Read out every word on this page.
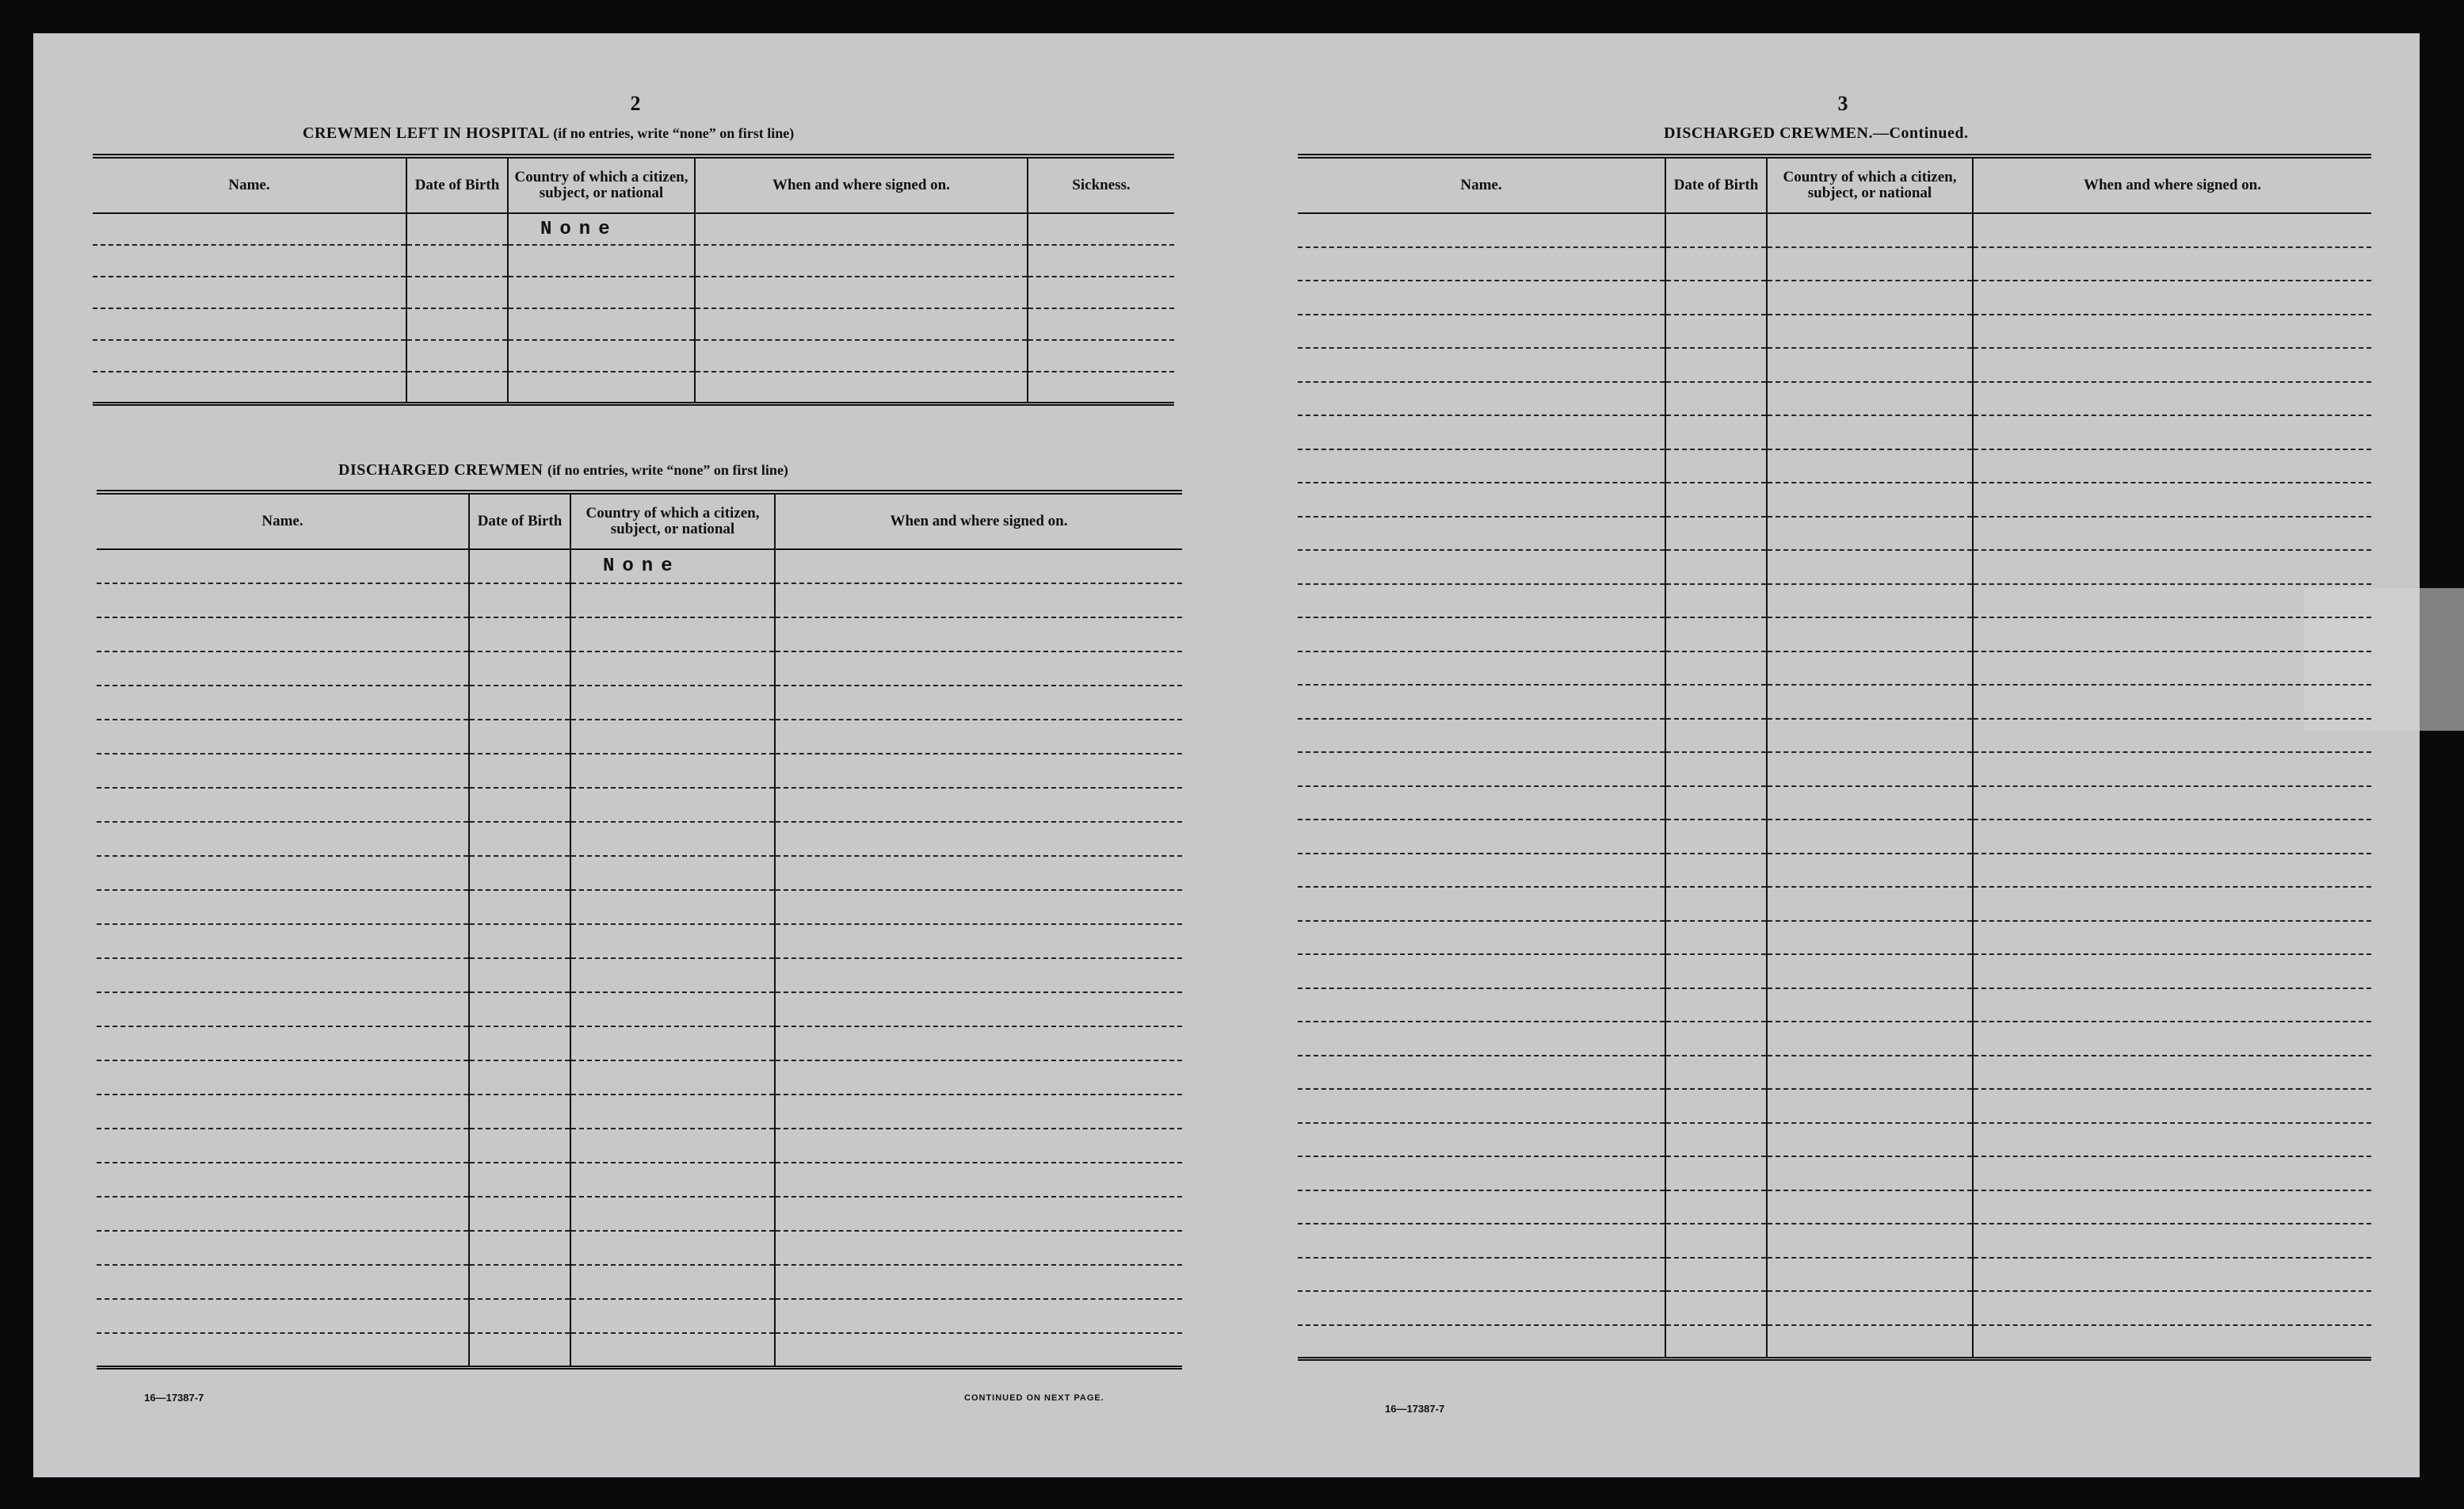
2
CREWMEN LEFT IN HOSPITAL (if no entries, write “none” on first line)
Name.	Date of Birth	Country of which a citizen, subject, or national	When and where signed on.	Sickness.
		None		

DISCHARGED CREWMEN (if no entries, write “none” on first line)
Name.	Date of Birth	Country of which a citizen, subject, or national	When and where signed on.
		None	

16—17387-7	CONTINUED ON NEXT PAGE.
3
DISCHARGED CREWMEN.—Continued.
Name.	Date of Birth	Country of which a citizen, subject, or national	When and where signed on.

16—17387-7
